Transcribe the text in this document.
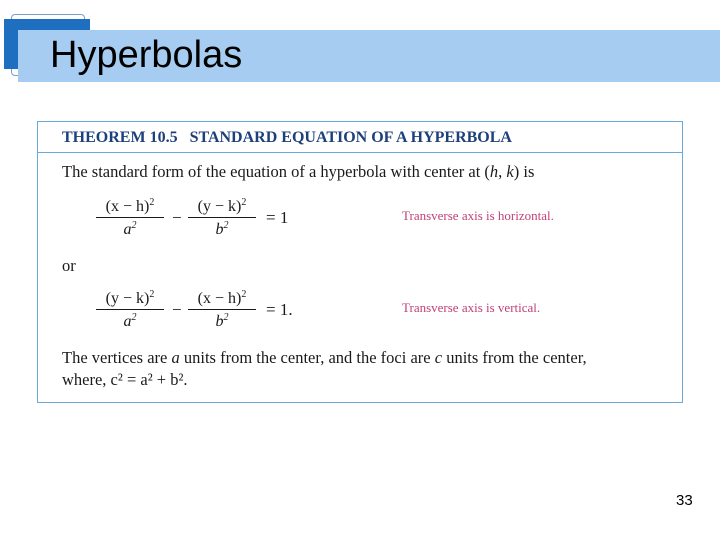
Hyperbolas
THEOREM 10.5 STANDARD EQUATION OF A HYPERBOLA
The standard form of the equation of a hyperbola with center at (h, k) is
$\frac{(x - h)^2}{a^2} - \frac{(y - k)^2}{b^2} = 1$	Transverse axis is horizontal.
or
$\frac{(y - k)^2}{a^2} - \frac{(x - h)^2}{b^2} = 1$.	Transverse axis is vertical.
The vertices are a units from the center, and the foci are c units from the center,
where, c² = a² + b².
33
